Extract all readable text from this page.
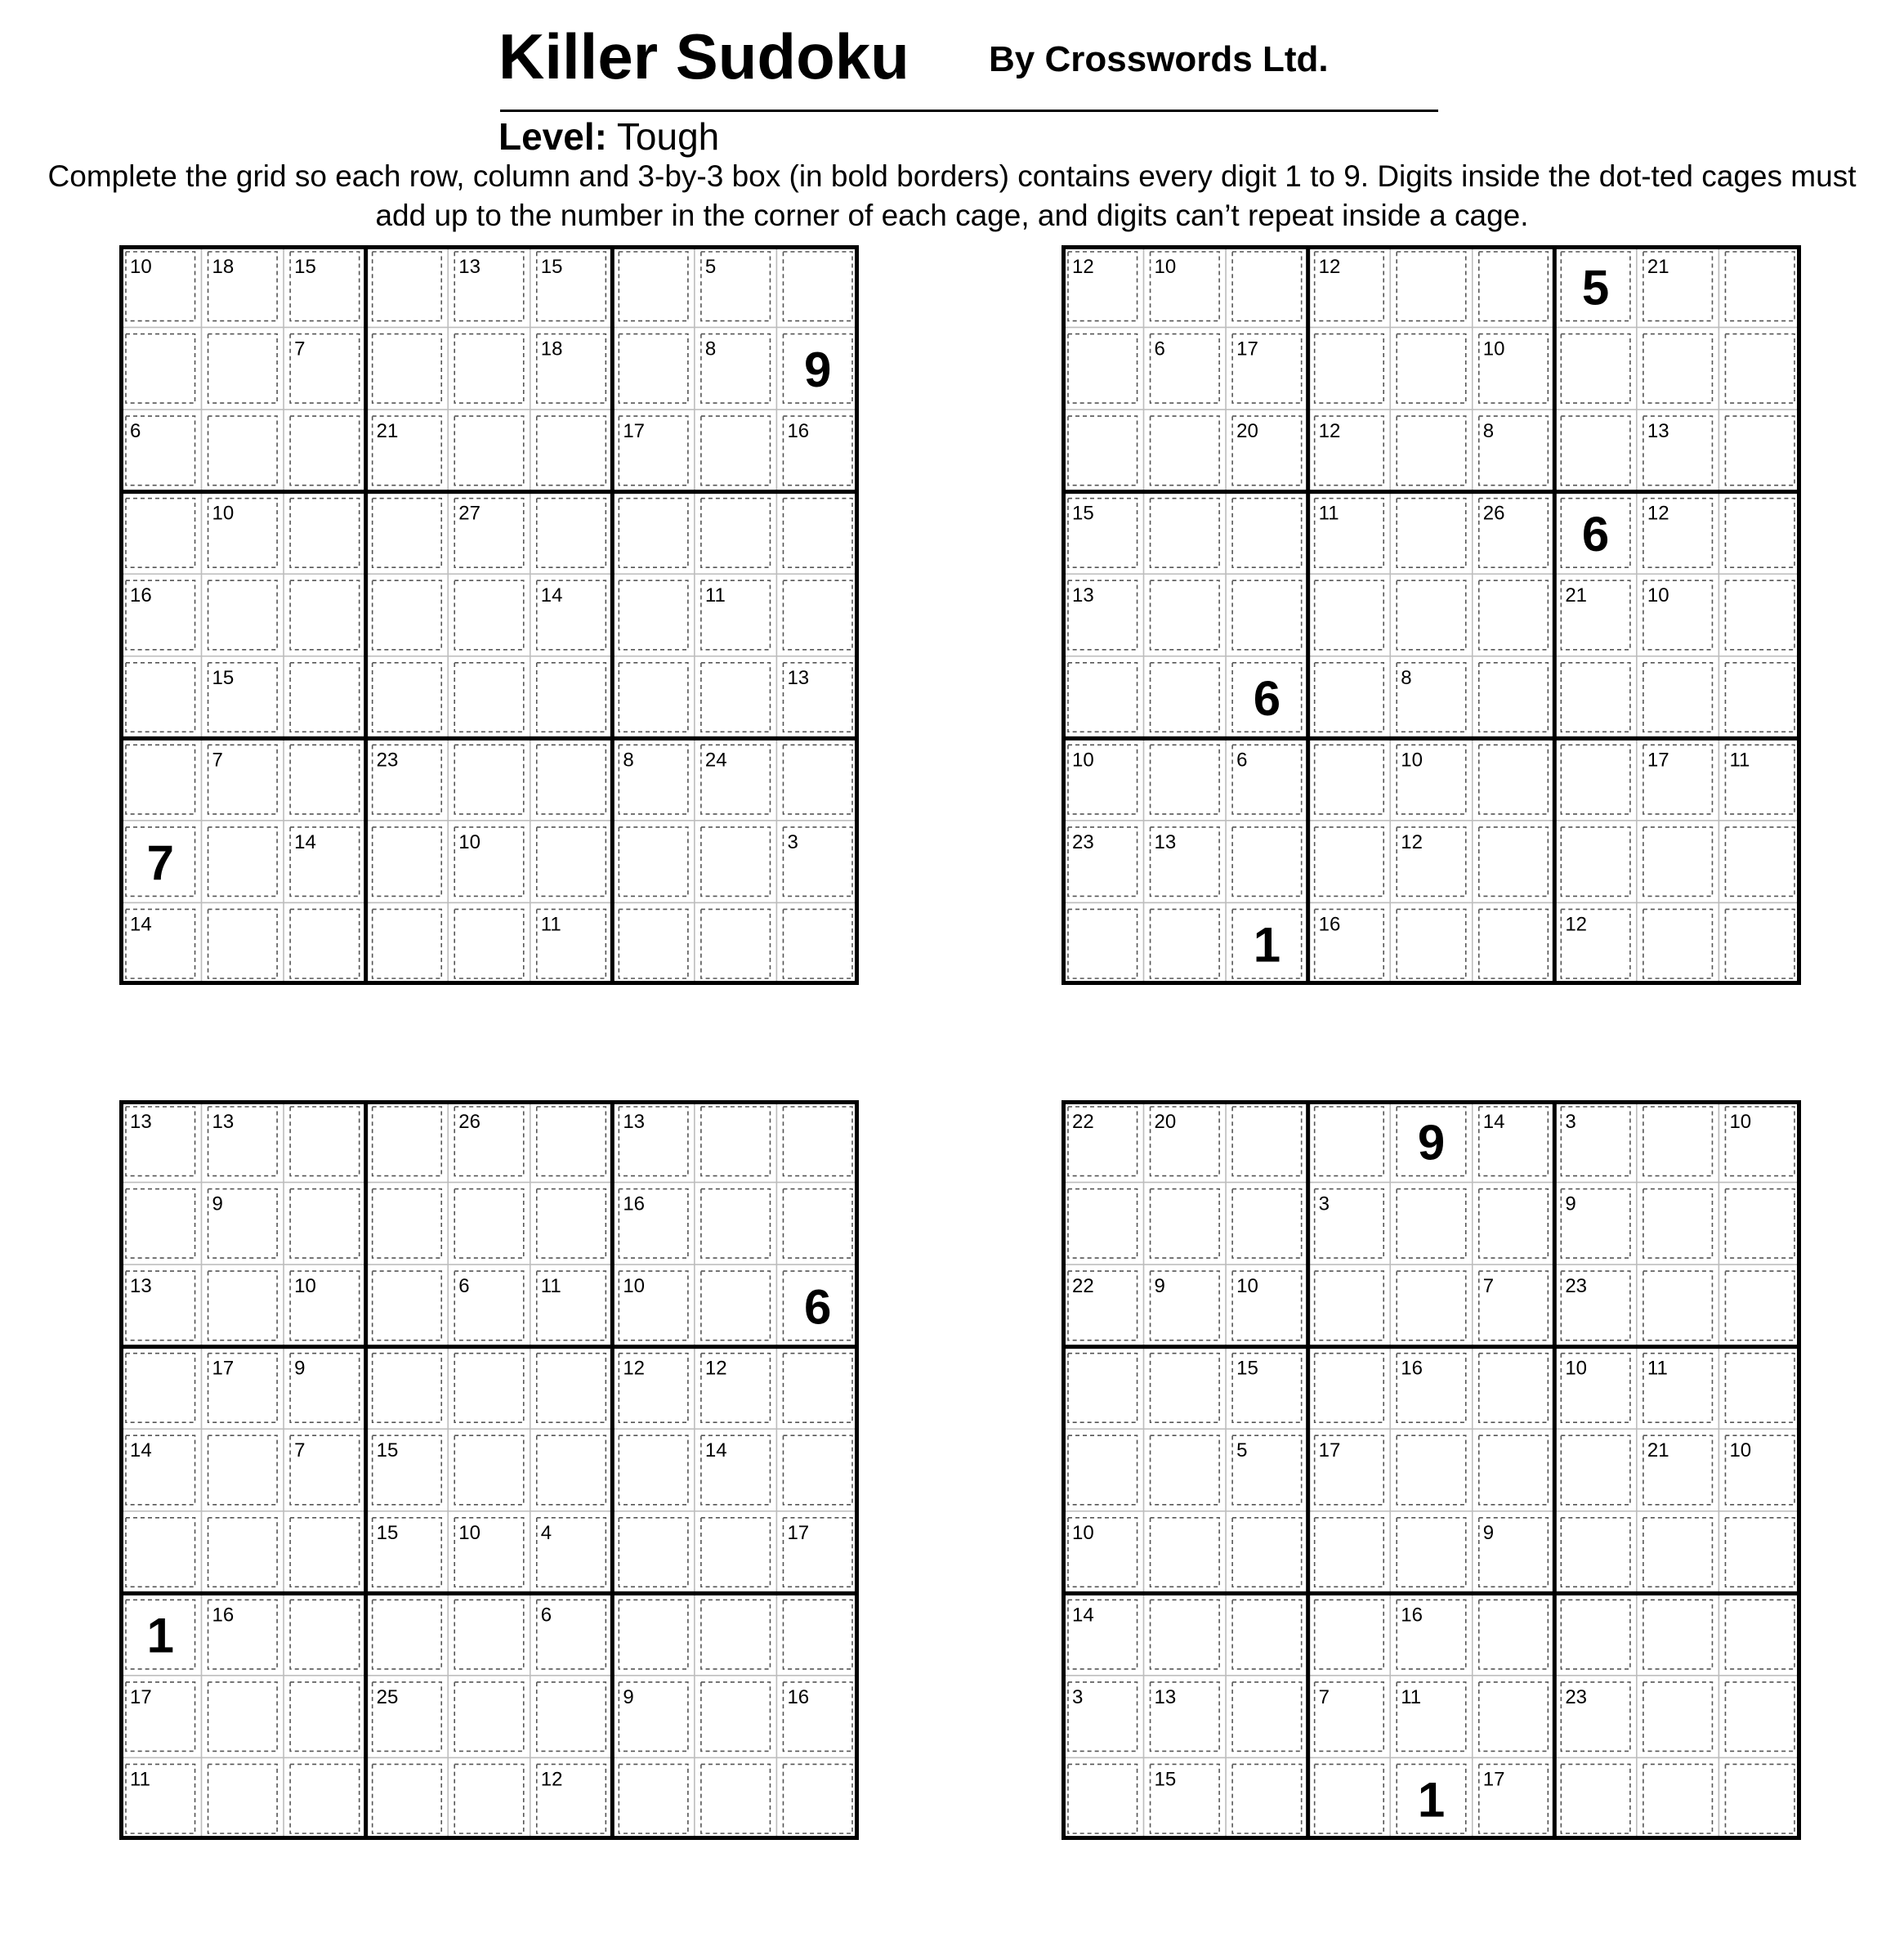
Killer Sudoku By Crosswords Ltd.
Level: Tough
Complete the grid so each row, column and 3-by-3 box (in bold borders) contains every digit 1 to 9. Digits inside the dot-ted cages must add up to the number in the corner of each cage, and digits can’t repeat inside a cage.
10	18	15	13	15	5
7	18	8
6	21	17	16
10	27
16	14	11
15	13
7	23	8	24
14	10	3
14	11
9
7
12	10	12	21
6	17	10
20	12	8	13
15	11	26	12
13	21	10
8
10	6	10	17	11
23	13	12
16	12
5
6
6
1
13	13	26	13
9	16
13	10	6	11	10
17	9	12	12
14	7	15	14
15	10	4	17
16	6
17	25	9	16
11	12
6
1
22	20	14	3	10
3	9
22	9	10	7	23
15	16	10	11
5	17	21	10
10	9
14	16
3	13	7	11	23
15	17
9
1
